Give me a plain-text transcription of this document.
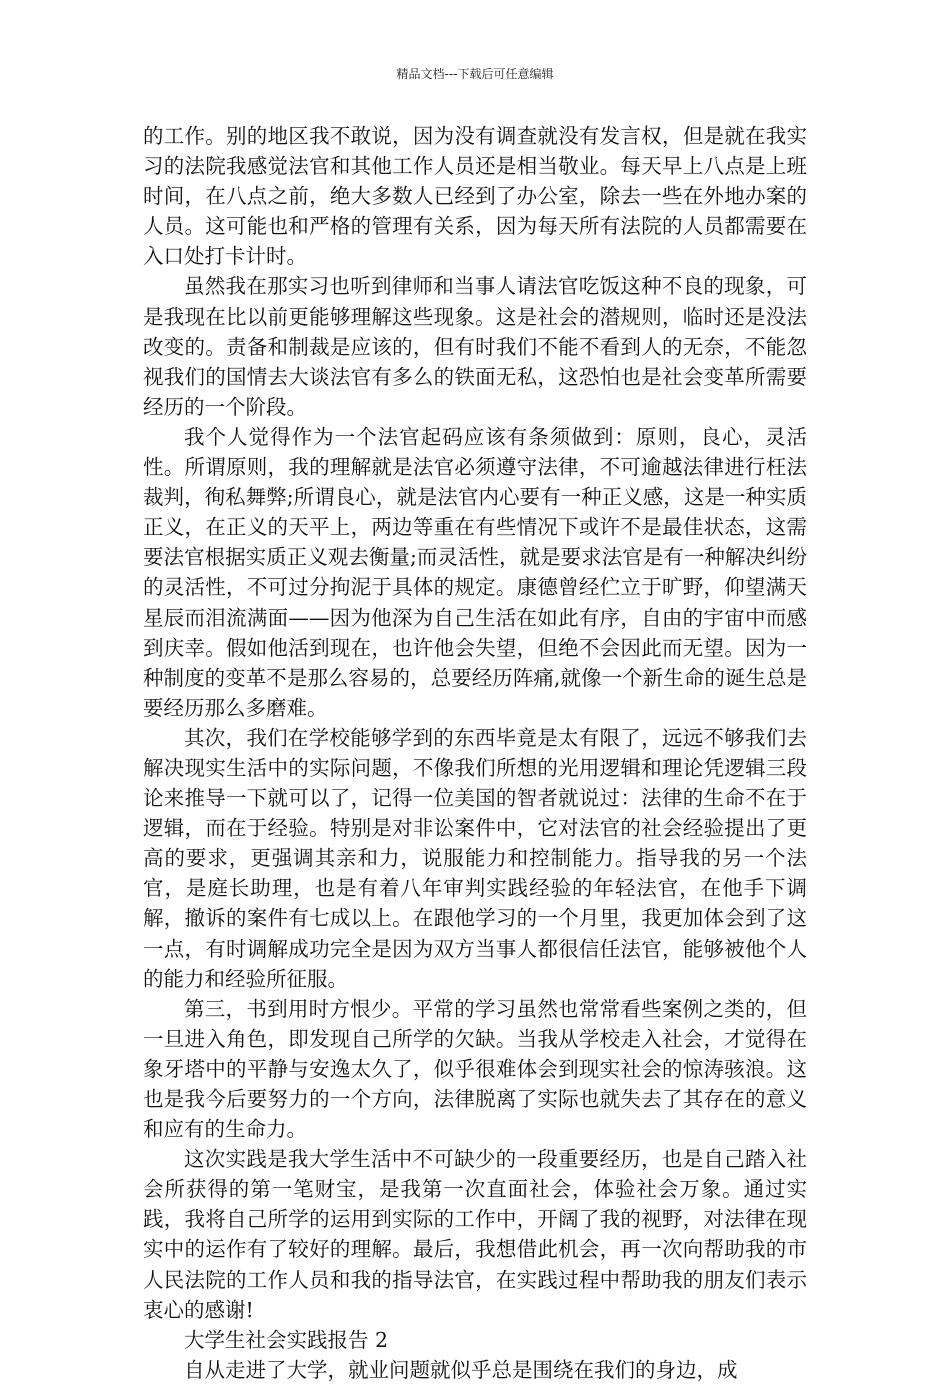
精品文档---下载后可任意编辑

的工作。别的地区我不敢说，因为没有调查就没有发言权，但是就在我实习的法院我感觉法官和其他工作人员还是相当敬业。每天早上八点是上班时间，在八点之前，绝大多数人已经到了办公室，除去一些在外地办案的人员。这可能也和严格的管理有关系，因为每天所有法院的人员都需要在入口处打卡计时。

虽然我在那实习也听到律师和当事人请法官吃饭这种不良的现象，可是我现在比以前更能够理解这些现象。这是社会的潜规则，临时还是没法改变的。责备和制裁是应该的，但有时我们不能不看到人的无奈，不能忽视我们的国情去大谈法官有多么的铁面无私，这恐怕也是社会变革所需要经历的一个阶段。

我个人觉得作为一个法官起码应该有条须做到：原则，良心，灵活性。所谓原则，我的理解就是法官必须遵守法律，不可逾越法律进行枉法裁判，徇私舞弊;所谓良心，就是法官内心要有一种正义感，这是一种实质正义，在正义的天平上，两边等重在有些情况下或许不是最佳状态，这需要法官根据实质正义观去衡量;而灵活性，就是要求法官是有一种解决纠纷的灵活性，不可过分拘泥于具体的规定。康德曾经伫立于旷野，仰望满天星辰而泪流满面——因为他深为自己生活在如此有序，自由的宇宙中而感到庆幸。假如他活到现在，也许他会失望，但绝不会因此而无望。因为一种制度的变革不是那么容易的，总要经历阵痛,就像一个新生命的诞生总是要经历那么多磨难。

其次，我们在学校能够学到的东西毕竟是太有限了，远远不够我们去解决现实生活中的实际问题，不像我们所想的光用逻辑和理论凭逻辑三段论来推导一下就可以了，记得一位美国的智者就说过：法律的生命不在于逻辑，而在于经验。特别是对非讼案件中，它对法官的社会经验提出了更高的要求，更强调其亲和力，说服能力和控制能力。指导我的另一个法官，是庭长助理，也是有着八年审判实践经验的年轻法官，在他手下调解，撤诉的案件有七成以上。在跟他学习的一个月里，我更加体会到了这一点，有时调解成功完全是因为双方当事人都很信任法官，能够被他个人的能力和经验所征服。

第三，书到用时方恨少。平常的学习虽然也常常看些案例之类的，但一旦进入角色，即发现自己所学的欠缺。当我从学校走入社会，才觉得在象牙塔中的平静与安逸太久了，似乎很难体会到现实社会的惊涛骇浪。这也是我今后要努力的一个方向，法律脱离了实际也就失去了其存在的意义和应有的生命力。

这次实践是我大学生活中不可缺少的一段重要经历，也是自己踏入社会所获得的第一笔财宝，是我第一次直面社会，体验社会万象。通过实践，我将自己所学的运用到实际的工作中，开阔了我的视野，对法律在现实中的运作有了较好的理解。最后，我想借此机会，再一次向帮助我的市人民法院的工作人员和我的指导法官，在实践过程中帮助我的朋友们表示衷心的感谢!

大学生社会实践报告 2

自从走进了大学，就业问题就似乎总是围绕在我们的身边，成
